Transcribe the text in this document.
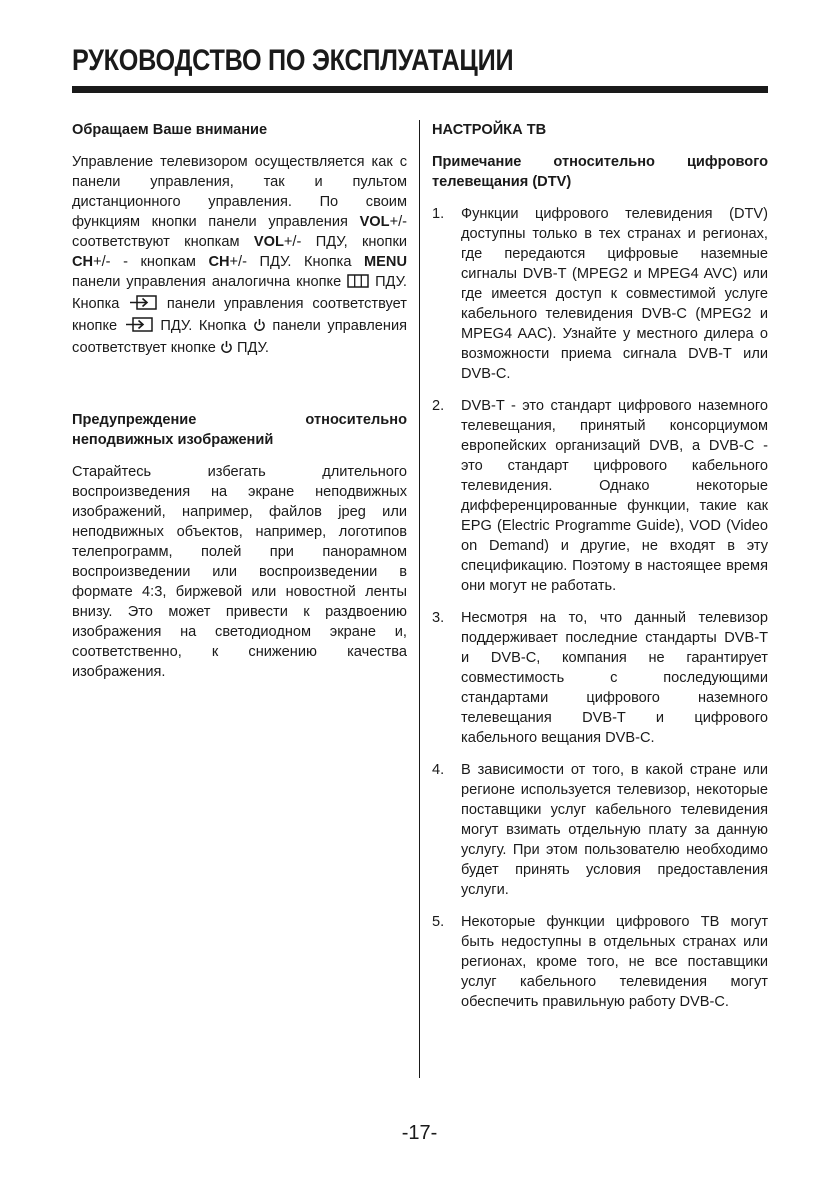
РУКОВОДСТВО ПО ЭКСПЛУАТАЦИИ

Обращаем Ваше внимание

Управление телевизором осуществляется как с панели управления, так и пультом дистанционного управления. По своим функциям кнопки панели управления VOL+/- соответствуют кнопкам VOL+/- ПДУ, кнопки CH+/- - кнопкам CH+/- ПДУ. Кнопка MENU панели управления аналогична кнопке  ПДУ. Кнопка  панели управления соответствует кнопке  ПДУ. Кнопка  панели управления соответствует кнопке  ПДУ.

Предупреждение относительно неподвижных изображений

Старайтесь избегать длительного воспроизведения на экране неподвижных изображений, например, файлов jpeg или неподвижных объектов, например, логотипов телепрограмм, полей при панорамном воспроизведении или воспроизведении в формате 4:3, биржевой или новостной ленты внизу. Это может привести к раздвоению изображения на светодиодном экране и, соответственно, к снижению качества изображения.

НАСТРОЙКА ТВ

Примечание относительно цифрового телевещания (DTV)

1.	Функции цифрового телевидения (DTV) доступны только в тех странах и регионах, где передаются цифровые наземные сигналы DVB-T (MPEG2 и MPEG4 AVC) или где имеется доступ к совместимой услуге кабельного телевидения DVB-C (MPEG2 и MPEG4 AAC). Узнайте у местного дилера о возможности приема сигнала DVB-T или DVB-C.
2.	DVB-T - это стандарт цифрового наземного телевещания, принятый консорциумом европейских организаций DVB, а DVB-C - это стандарт цифрового кабельного телевидения. Однако некоторые дифференцированные функции, такие как EPG (Electric Programme Guide), VOD (Video on Demand) и другие, не входят в эту спецификацию. Поэтому в настоящее время они могут не работать.
3.	Несмотря на то, что данный телевизор поддерживает последние стандарты DVB-T и DVB-C, компания не гарантирует совместимость с последующими стандартами цифрового наземного телевещания DVB-T и цифрового кабельного вещания DVB-C.
4.	В зависимости от того, в какой стране или регионе используется телевизор, некоторые поставщики услуг кабельного телевидения могут взимать отдельную плату за данную услугу. При этом пользователю необходимо будет принять условия предоставления услуги.
5.	Некоторые функции цифрового ТВ могут быть недоступны в отдельных странах или регионах, кроме того, не все поставщики услуг кабельного телевидения могут обеспечить правильную работу DVB-C.
-17-
